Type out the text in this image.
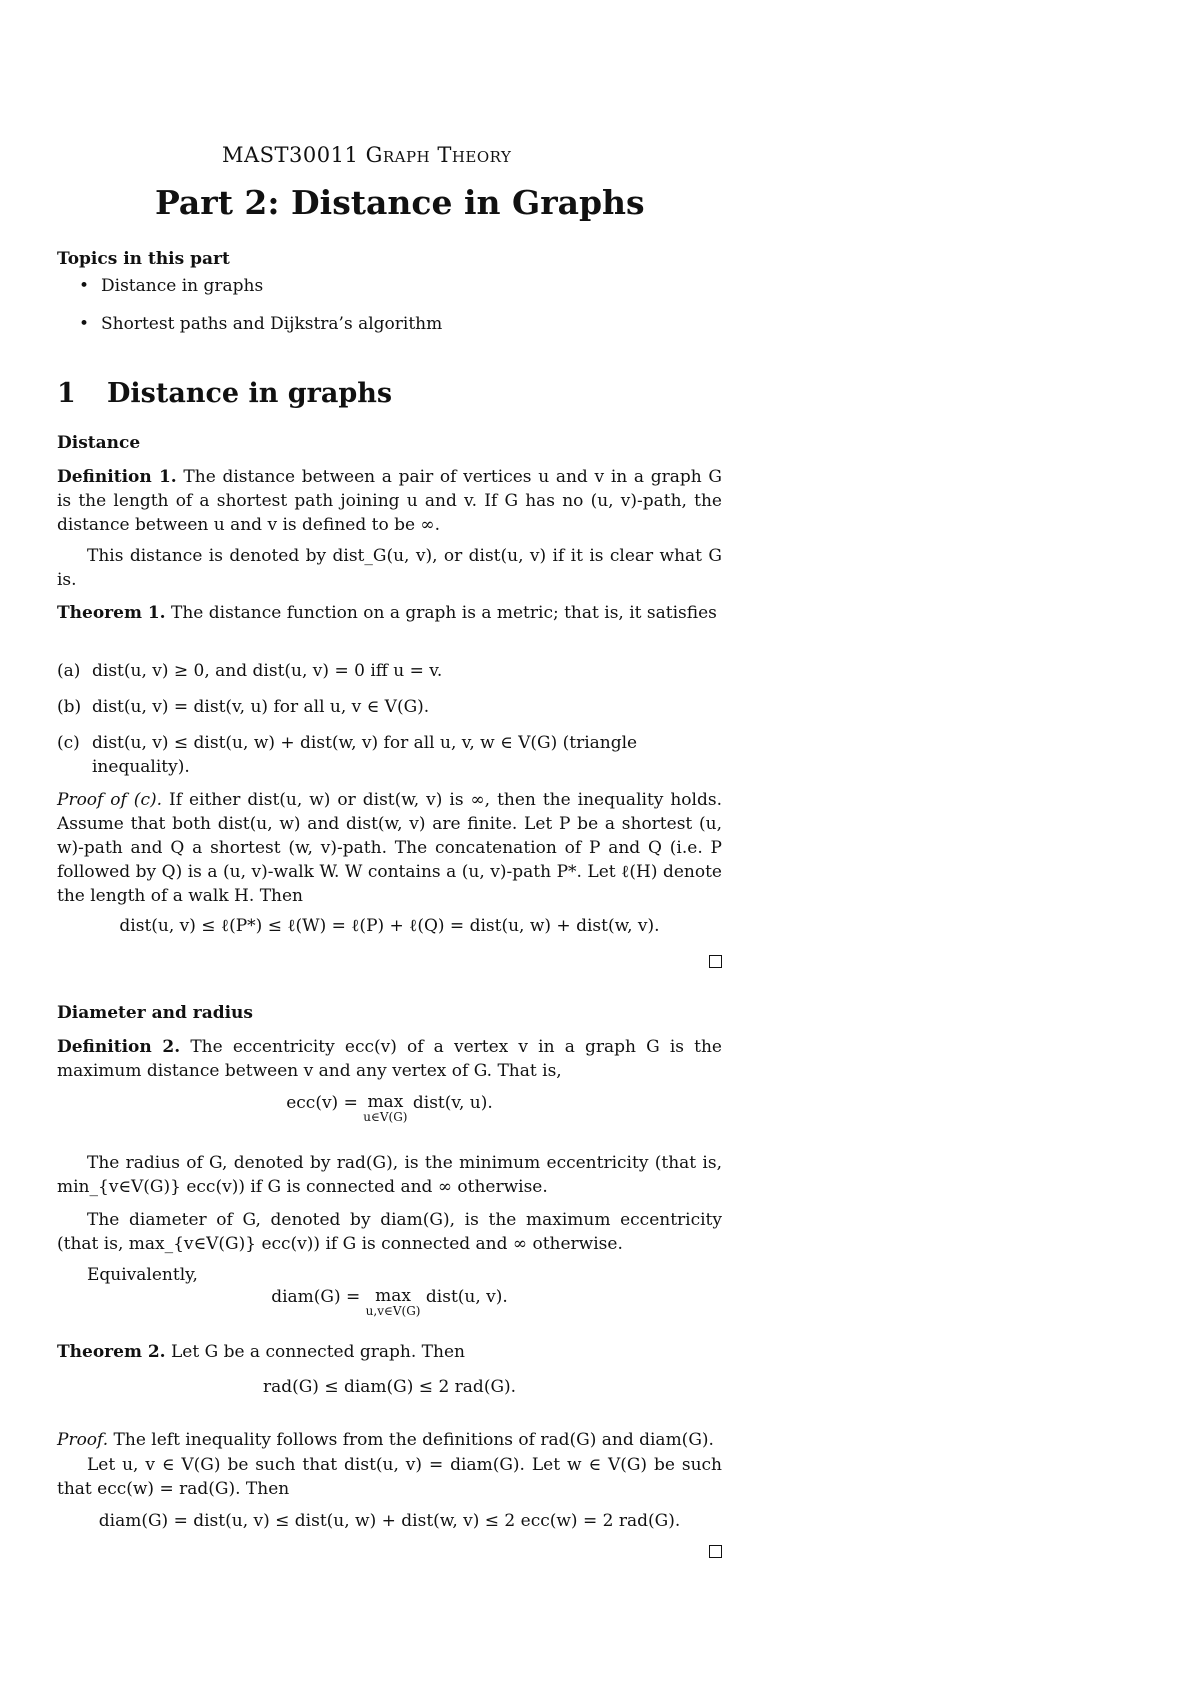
MAST30011 Graph Theory
Part 2: Distance in Graphs
Topics in this part
• Distance in graphs
• Shortest paths and Dijkstra’s algorithm
1 Distance in graphs
Distance
Definition 1. The distance between a pair of vertices u and v in a graph G is the length of a shortest path joining u and v. If G has no (u, v)-path, the distance between u and v is defined to be ∞.
This distance is denoted by dist_G(u, v), or dist(u, v) if it is clear what G is.
Theorem 1. The distance function on a graph is a metric; that is, it satisfies
(a) dist(u, v) ≥ 0, and dist(u, v) = 0 iff u = v.
(b) dist(u, v) = dist(v, u) for all u, v ∈ V(G).
(c) dist(u, v) ≤ dist(u, w) + dist(w, v) for all u, v, w ∈ V(G) (triangle inequality).
Proof of (c). If either dist(u, w) or dist(w, v) is ∞, then the inequality holds. Assume that both dist(u, w) and dist(w, v) are finite. Let P be a shortest (u, w)-path and Q a shortest (w, v)-path. The concatenation of P and Q (i.e. P followed by Q) is a (u, v)-walk W. W contains a (u, v)-path P*. Let ℓ(H) denote the length of a walk H. Then
dist(u, v) ≤ ℓ(P*) ≤ ℓ(W) = ℓ(P) + ℓ(Q) = dist(u, w) + dist(w, v).
Diameter and radius
Definition 2. The eccentricity ecc(v) of a vertex v in a graph G is the maximum distance between v and any vertex of G. That is,
ecc(v) = max
u∈V(G)
dist(v, u).
The radius of G, denoted by rad(G), is the minimum eccentricity (that is, min_{v∈V(G)} ecc(v)) if G is connected and ∞ otherwise.
The diameter of G, denoted by diam(G), is the maximum eccentricity (that is, max_{v∈V(G)} ecc(v)) if G is connected and ∞ otherwise.
Equivalently,
diam(G) = max
u,v∈V(G)
dist(u, v).
Theorem 2. Let G be a connected graph. Then
rad(G) ≤ diam(G) ≤ 2 rad(G).
Proof. The left inequality follows from the definitions of rad(G) and diam(G).
Let u, v ∈ V(G) be such that dist(u, v) = diam(G). Let w ∈ V(G) be such that ecc(w) = rad(G). Then
diam(G) = dist(u, v) ≤ dist(u, w) + dist(w, v) ≤ 2 ecc(w) = 2 rad(G).
